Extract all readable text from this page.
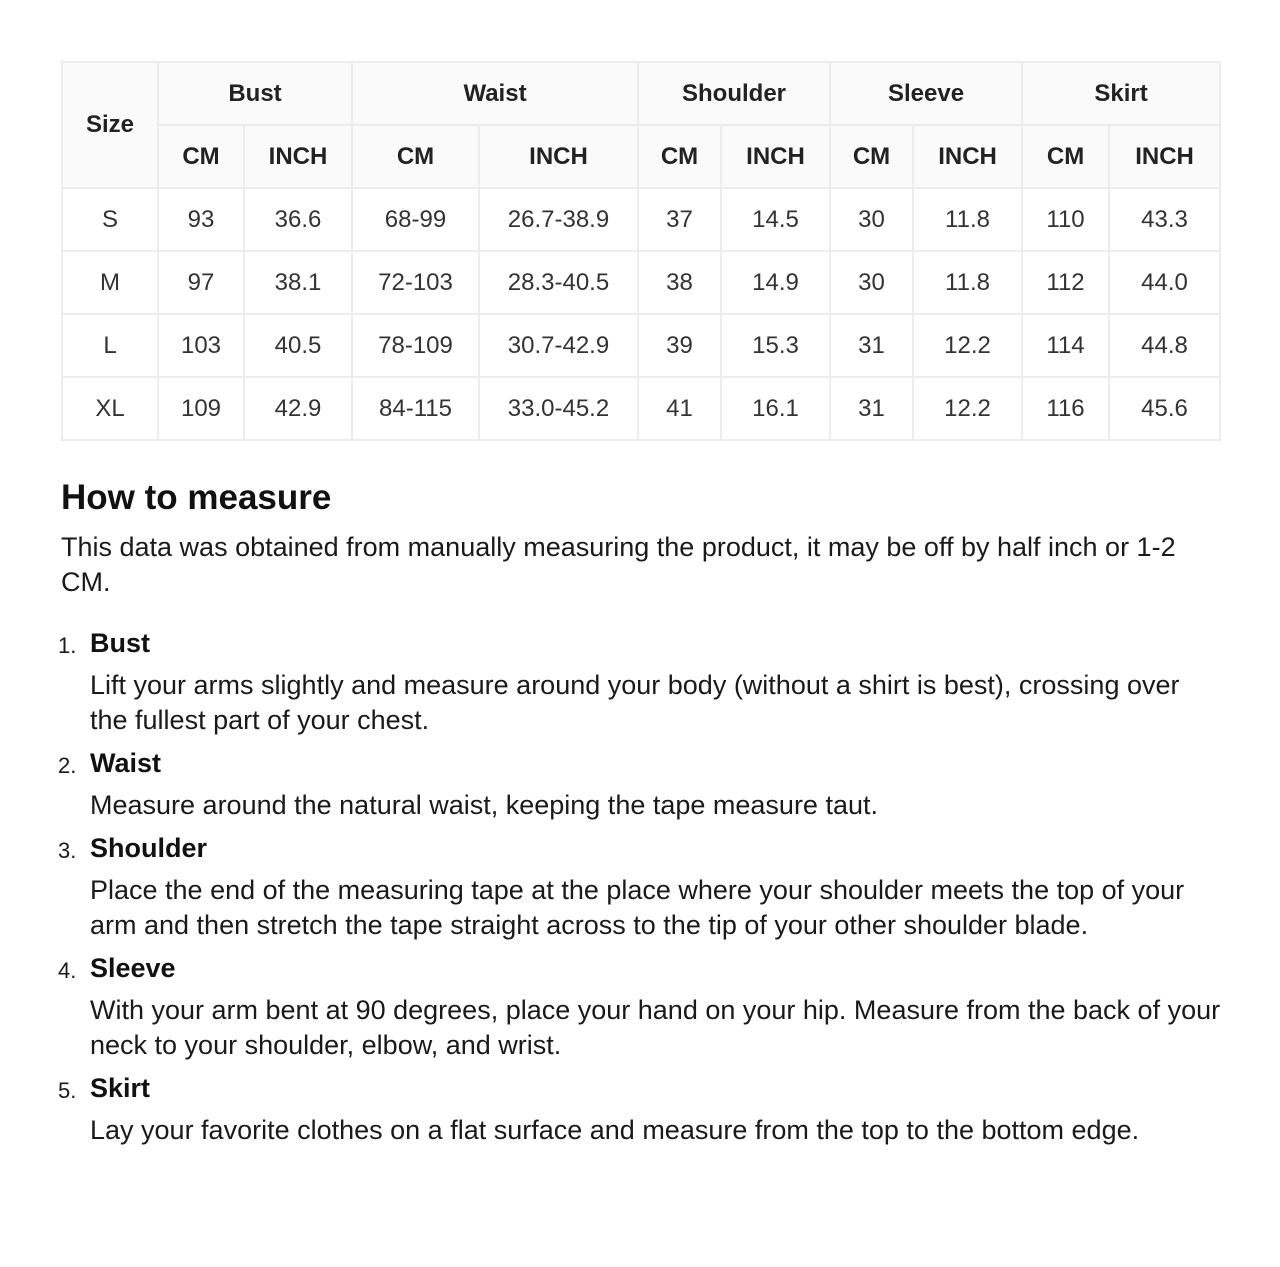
Size	Bust		Waist		Shoulder		Sleeve		Skirt	
	CM	INCH	CM	INCH	CM	INCH	CM	INCH	CM	INCH
S	93	36.6	68-99	26.7-38.9	37	14.5	30	11.8	110	43.3
M	97	38.1	72-103	28.3-40.5	38	14.9	30	11.8	112	44.0
L	103	40.5	78-109	30.7-42.9	39	15.3	31	12.2	114	44.8
XL	109	42.9	84-115	33.0-45.2	41	16.1	31	12.2	116	45.6
How to measure

This data was obtained from manually measuring the product, it may be off by half inch or 1-2 CM.

1. Bust
Lift your arms slightly and measure around your body (without a shirt is best), crossing over the fullest part of your chest.
2. Waist
Measure around the natural waist, keeping the tape measure taut.
3. Shoulder
Place the end of the measuring tape at the place where your shoulder meets the top of your arm and then stretch the tape straight across to the tip of your other shoulder blade.
4. Sleeve
With your arm bent at 90 degrees, place your hand on your hip. Measure from the back of your neck to your shoulder, elbow, and wrist.
5. Skirt
Lay your favorite clothes on a flat surface and measure from the top to the bottom edge.
